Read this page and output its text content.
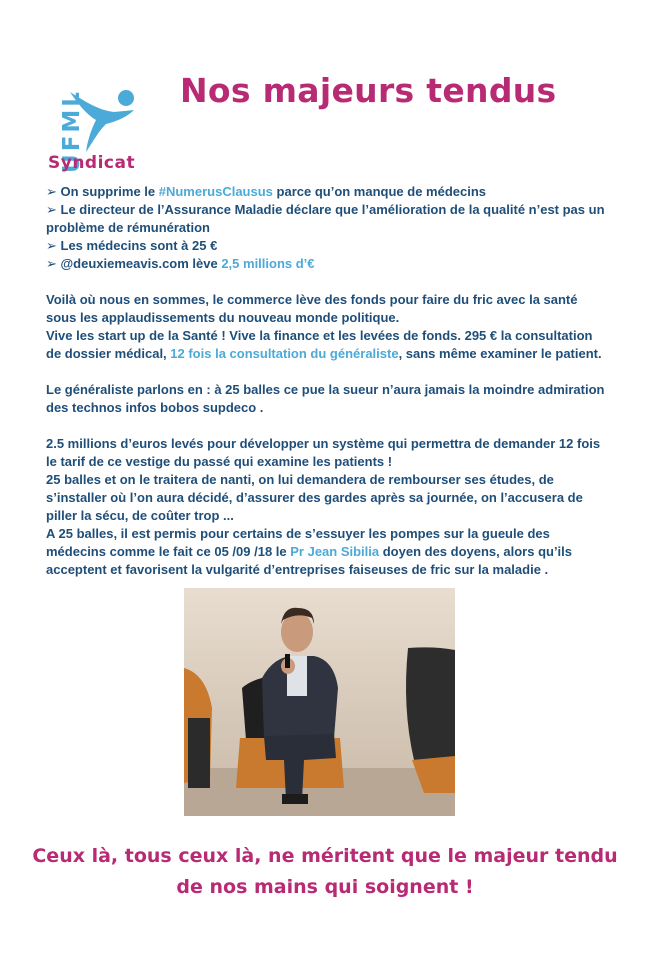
UFML
Syndicat
Nos majeurs tendus

➢ On supprime le #NumerusClausus parce qu’on manque de médecins

➢ Le directeur de l’Assurance Maladie déclare que l’amélioration de la qualité n’est pas un problème de rémunération

➢ Les médecins sont à 25 €

➢ @deuxiemeavis.com lève 2,5 millions d’€

Voilà où nous en sommes, le commerce lève des fonds pour faire du fric avec la santé sous les applaudissements du nouveau monde politique.

Vive les start up de la Santé ! Vive la finance et les levées de fonds. 295 € la consultation de dossier médical, 12 fois la consultation du généraliste, sans même examiner le patient.

Le généraliste parlons en : à 25 balles ce pue la sueur n’aura jamais la moindre admiration des technos infos bobos supdeco .

2.5 millions d’euros levés pour développer un système qui permettra de demander 12 fois le tarif de ce vestige du passé qui examine les patients !

25 balles et on le traitera de nanti, on lui demandera de rembourser ses études, de s’installer où l’on aura décidé, d’assurer des gardes après sa journée, on l’accusera de piller la sécu, de coûter trop ...

A 25 balles, il est permis pour certains de s’essuyer les pompes sur la gueule des médecins comme le fait ce 05 /09 /18 le Pr Jean Sibilia doyen des doyens, alors qu’ils acceptent et favorisent la vulgarité d’entreprises faiseuses de fric sur la maladie .

Ceux là, tous ceux là, ne méritent que le majeur tendu de nos mains qui soignent !
